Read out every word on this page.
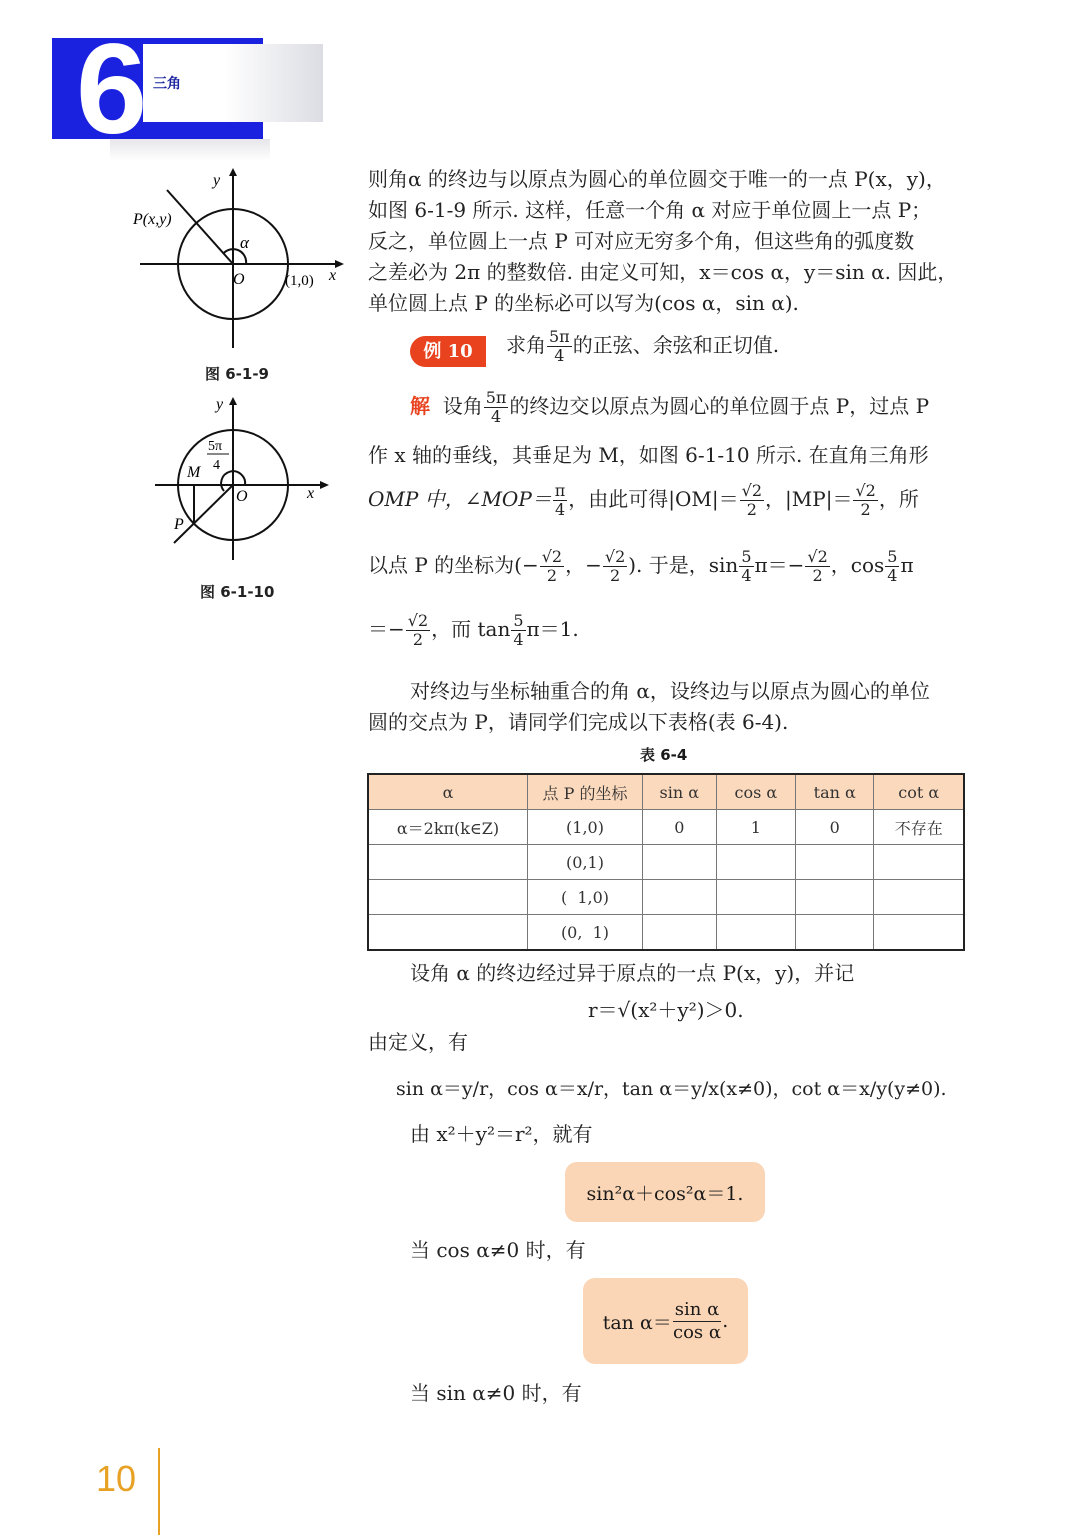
6 三角
P(x,y)
α
O	(1,0) x
y
图 6-1-9
5π
4
M
P
O	x
y
图 6-1-10
则角α 的终边与以原点为圆心的单位圆交于唯一的一点 P(x，y)，
如图 6-1-9 所示. 这样，任意一个角 α 对应于单位圆上一点 P；
反之，单位圆上一点 P 可对应无穷多个角，但这些角的弧度数
之差必为 2π 的整数倍. 由定义可知，x＝cos α，y＝sin α. 因此，
单位圆上点 P 的坐标必可以写为(cos α，sin α).
例 10	求角 $\frac{5\pi}{4}$ 的正弦、余弦和正切值.
解 设角 $\frac{5\pi}{4}$ 的终边交以原点为圆心的单位圆于点 P，过点 P
作 x 轴的垂线，其垂足为 M，如图 6-1-10 所示. 在直角三角形
OMP 中，∠MOP＝ $\frac{\pi}{4}$ ，由此可得$|OM|= \frac{√2}{2}$ ，$|MP|= \frac{√2}{2}$ ，所
以点 P 的坐标为(− $\frac{√2}{2}$ ，− $\frac{√2}{2}$ ). 于是，$\sin \frac{5}{4} \pi=- \frac{√2}{2}$ ，$\cos \frac{5}{4}$ π
＝− $\frac{√2}{2}$ ，而 $\tan \frac{5}{4} \pi=1$.
对终边与坐标轴重合的角 α，设终边与以原点为圆心的单位
圆的交点为 P，请同学们完成以下表格(表 6-4).
表 6-4
α	点 P 的坐标	sin α	cos α	tan α	cot α
α＝2kπ(k∈Z)	(1,0)	0	1	0	不存在
	(0,1)				
	(  1,0)				
	(0,  1)				
设角 α 的终边经过异于原点的一点 P(x，y)，并记
r＝√(x²＋y²)＞0.
由定义，有
sin α＝y/r，cos α＝x/r，tan α＝y/x(x≠0)，cot α＝x/y(y≠0).
由 x²＋y²＝r²，就有
sin²α＋cos²α＝1.
当 cos α≠0 时，有
$\tan \alpha= \frac{\text{sin α}}{\text{cos α}}$ .
当 sin α≠0 时，有
10
